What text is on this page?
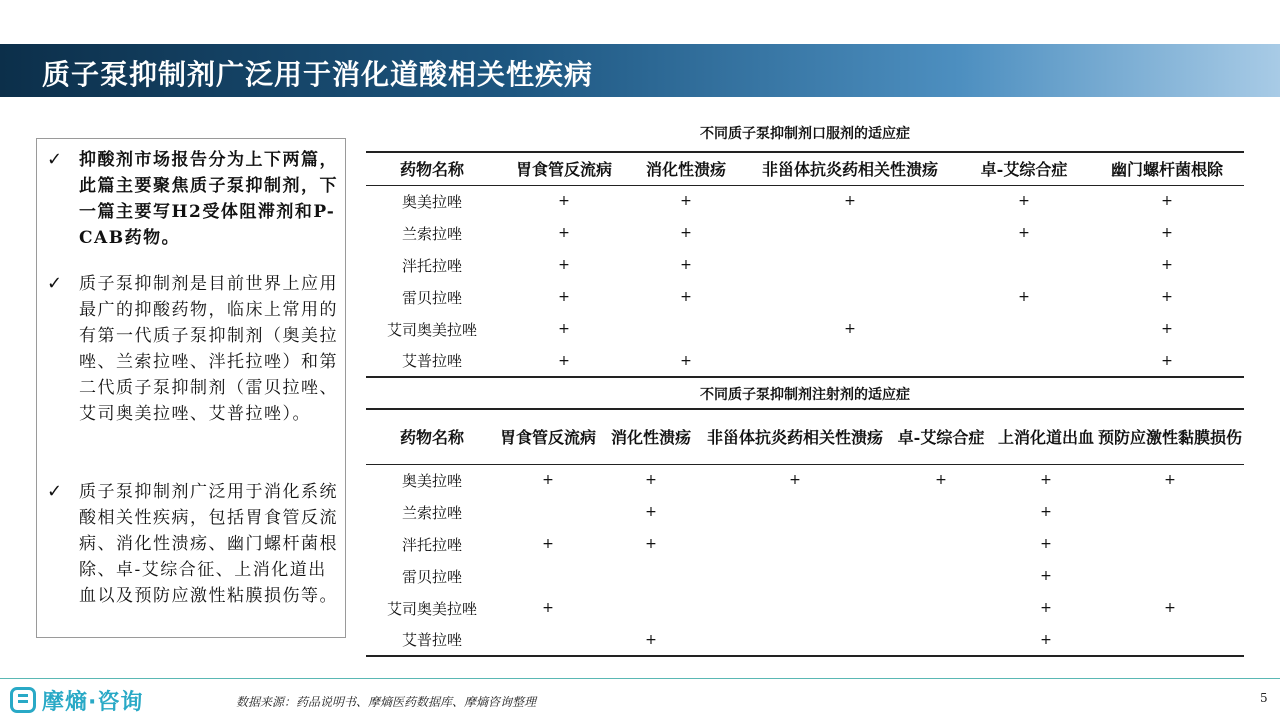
质子泵抑制剂广泛用于消化道酸相关性疾病
✓ 抑酸剂市场报告分为上下两篇，此篇主要聚焦质子泵抑制剂，下一篇主要写H2受体阻滞剂和P-CAB药物。
✓ 质子泵抑制剂是目前世界上应用最广的抑酸药物，临床上常用的有第一代质子泵抑制剂（奥美拉唑、兰索拉唑、泮托拉唑）和第二代质子泵抑制剂（雷贝拉唑、艾司奥美拉唑、艾普拉唑）。
✓ 质子泵抑制剂广泛用于消化系统酸相关性疾病，包括胃食管反流病、消化性溃疡、幽门螺杆菌根除、卓-艾综合征、上消化道出血以及预防应激性粘膜损伤等。
不同质子泵抑制剂口服剂的适应症
药物名称	胃食管反流病	消化性溃疡	非甾体抗炎药相关性溃疡	卓-艾综合症	幽门螺杆菌根除
奥美拉唑	+	+	+	+	+
兰索拉唑	+	+		+	+
泮托拉唑	+	+			+
雷贝拉唑	+	+		+	+
艾司奥美拉唑	+		+		+
艾普拉唑	+	+			+
不同质子泵抑制剂注射剂的适应症
药物名称	胃食管反流病	消化性溃疡	非甾体抗炎药相关性溃疡	卓-艾综合症	上消化道出血	预防应激性黏膜损伤
奥美拉唑	+	+	+	+	+	+
兰索拉唑		+			+	
泮托拉唑	+	+			+	
雷贝拉唑					+	
艾司奥美拉唑	+				+	+
艾普拉唑		+			+	
摩熵·咨询	数据来源：药品说明书、摩熵医药数据库、摩熵咨询整理	5
